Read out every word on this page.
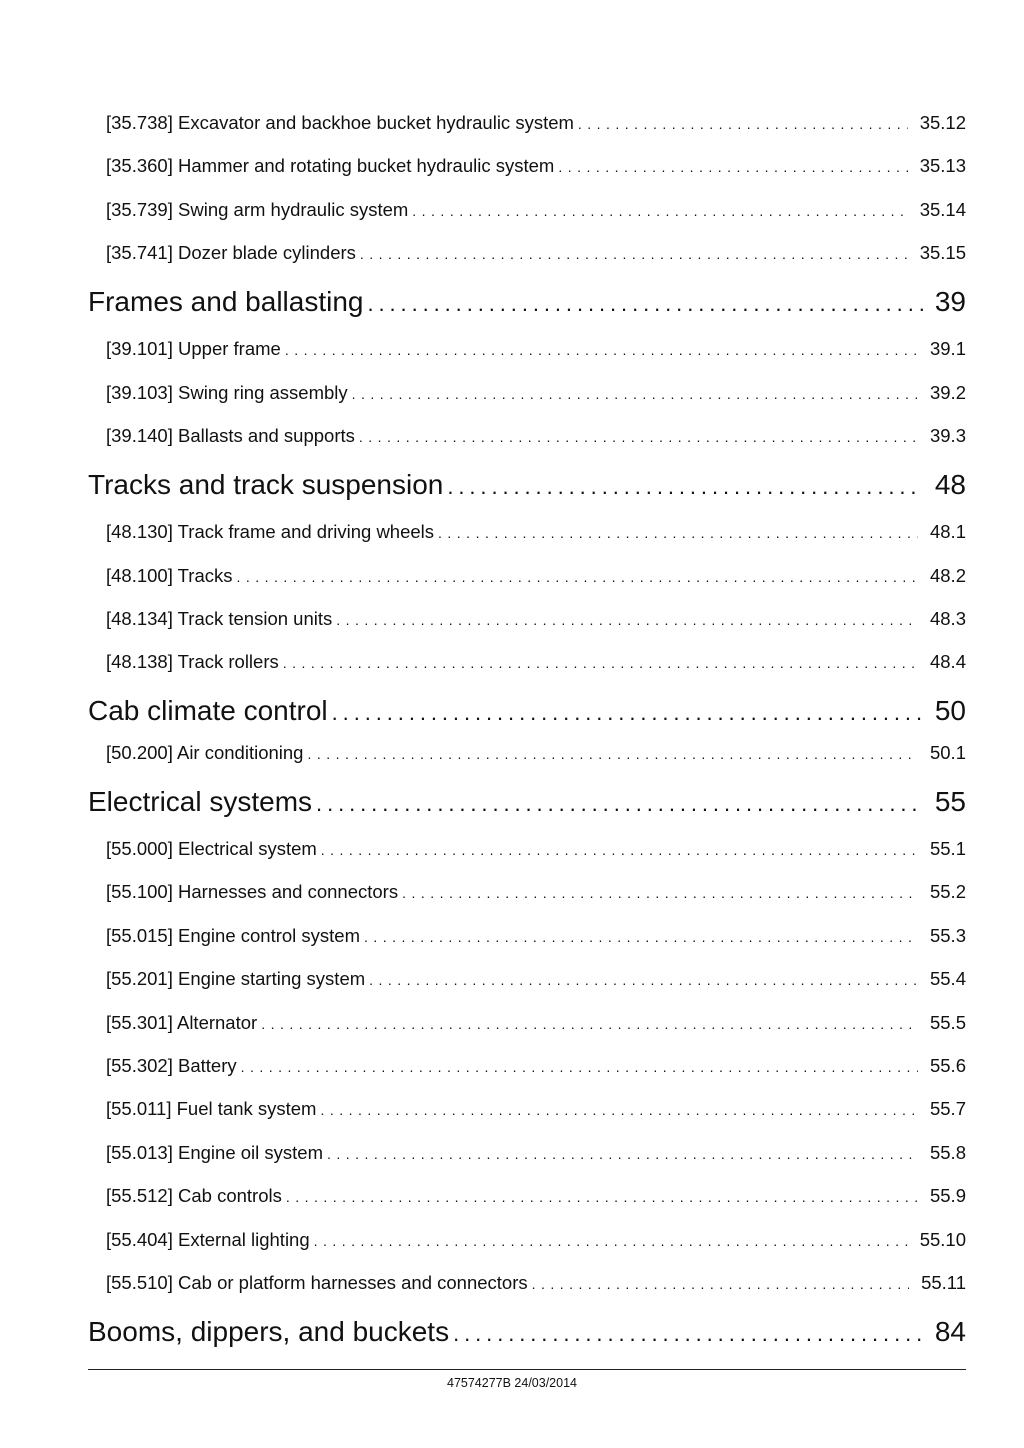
[35.738] Excavator and backhoe bucket hydraulic system . . .	35.12
[35.360] Hammer and rotating bucket hydraulic system . . .	35.13
[35.739] Swing arm hydraulic system . . .	35.14
[35.741] Dozer blade cylinders . . .	35.15
Frames and ballasting . . .	39
[39.101] Upper frame . . .	39.1
[39.103] Swing ring assembly . . .	39.2
[39.140] Ballasts and supports . . .	39.3
Tracks and track suspension . . .	48
[48.130] Track frame and driving wheels . . .	48.1
[48.100] Tracks . . .	48.2
[48.134] Track tension units . . .	48.3
[48.138] Track rollers . . .	48.4
Cab climate control . . .	50
[50.200] Air conditioning . . .	50.1
Electrical systems . . .	55
[55.000] Electrical system . . .	55.1
[55.100] Harnesses and connectors . . .	55.2
[55.015] Engine control system . . .	55.3
[55.201] Engine starting system . . .	55.4
[55.301] Alternator . . .	55.5
[55.302] Battery . . .	55.6
[55.011] Fuel tank system . . .	55.7
[55.013] Engine oil system . . .	55.8
[55.512] Cab controls . . .	55.9
[55.404] External lighting . . .	55.10
[55.510] Cab or platform harnesses and connectors . . .	55.11
Booms, dippers, and buckets . . .	84
47574277B 24/03/2014
